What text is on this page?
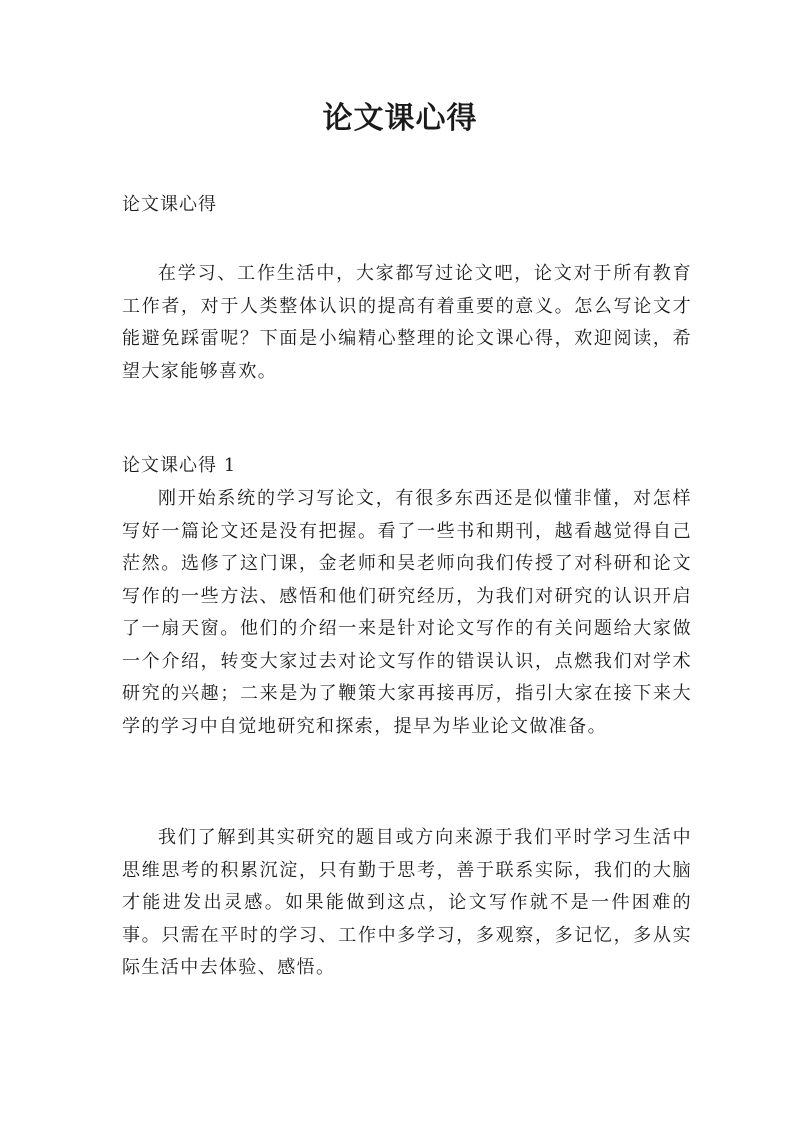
论文课心得
论文课心得

在学习、工作生活中，大家都写过论文吧，论文对于所有教育工作者，对于人类整体认识的提高有着重要的意义。怎么写论文才能避免踩雷呢？下面是小编精心整理的论文课心得，欢迎阅读，希望大家能够喜欢。

论文课心得 1

刚开始系统的学习写论文，有很多东西还是似懂非懂，对怎样写好一篇论文还是没有把握。看了一些书和期刊，越看越觉得自己茫然。选修了这门课，金老师和吴老师向我们传授了对科研和论文写作的一些方法、感悟和他们研究经历，为我们对研究的认识开启了一扇天窗。他们的介绍一来是针对论文写作的有关问题给大家做一个介绍，转变大家过去对论文写作的错误认识，点燃我们对学术研究的兴趣；二来是为了鞭策大家再接再厉，指引大家在接下来大学的学习中自觉地研究和探索，提早为毕业论文做准备。

我们了解到其实研究的题目或方向来源于我们平时学习生活中思维思考的积累沉淀，只有勤于思考，善于联系实际，我们的大脑才能进发出灵感。如果能做到这点，论文写作就不是一件困难的事。只需在平时的学习、工作中多学习，多观察，多记忆，多从实际生活中去体验、感悟。
